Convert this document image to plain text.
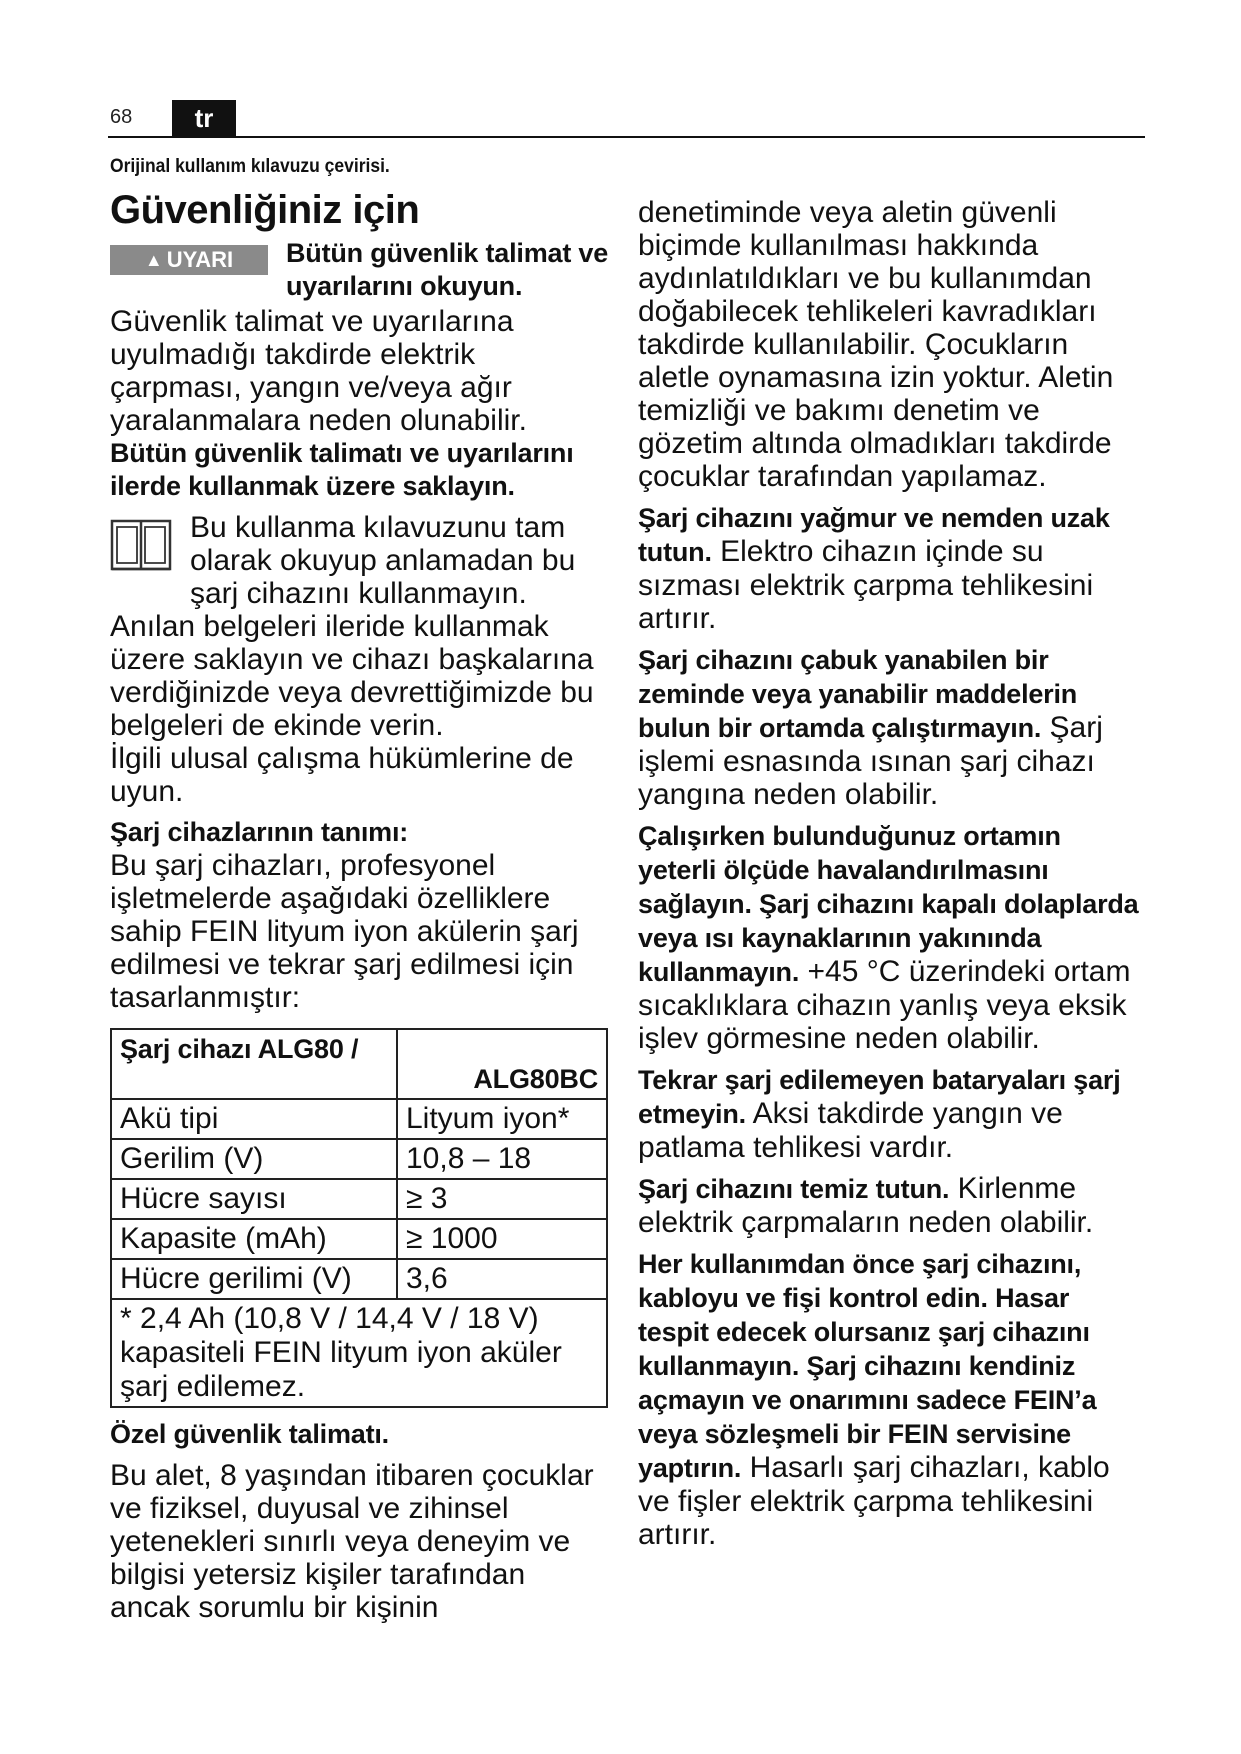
68	tr
Orijinal kullanım kılavuzu çevirisi.
Güvenliğiniz için
▲ UYARI Bütün güvenlik talimat ve uyarılarını okuyun.

Güvenlik talimat ve uyarılarına uyulmadığı takdirde elektrik çarpması, yangın ve/veya ağır yaralanmalara neden olunabilir.

Bütün güvenlik talimatı ve uyarılarını ilerde kullanmak üzere saklayın.

Bu kullanma kılavuzunu tam olarak okuyup anlamadan bu şarj cihazını kullanmayın.

Anılan belgeleri ileride kullanmak üzere saklayın ve cihazı başkalarına verdiğinizde veya devrettiğimizde bu belgeleri de ekinde verin.

İlgili ulusal çalışma hükümlerine de uyun.

Şarj cihazlarının tanımı:

Bu şarj cihazları, profesyonel işletmelerde aşağıdaki özelliklere sahip FEIN lityum iyon akülerin şarj edilmesi ve tekrar şarj edilmesi için tasarlanmıştır:

Şarj cihazı ALG80 /	ALG80BC
Akü tipi	Lityum iyon*
Gerilim (V)	10,8 – 18
Hücre sayısı	≥ 3
Kapasite (mAh)	≥ 1000
Hücre gerilimi (V)	3,6
* 2,4 Ah (10,8 V / 14,4 V / 18 V) kapasiteli FEIN lityum iyon aküler şarj edilemez.	

Özel güvenlik talimatı.

Bu alet, 8 yaşından itibaren çocuklar ve fiziksel, duyusal ve zihinsel yetenekleri sınırlı veya deneyim ve bilgisi yetersiz kişiler tarafından ancak sorumlu bir kişinin

denetiminde veya aletin güvenli biçimde kullanılması hakkında aydınlatıldıkları ve bu kullanımdan doğabilecek tehlikeleri kavradıkları takdirde kullanılabilir. Çocukların aletle oynamasına izin yoktur. Aletin temizliği ve bakımı denetim ve gözetim altında olmadıkları takdirde çocuklar tarafından yapılamaz.

Şarj cihazını yağmur ve nemden uzak tutun. Elektro cihazın içinde su sızması elektrik çarpma tehlikesini artırır.

Şarj cihazını çabuk yanabilen bir zeminde veya yanabilir maddelerin bulun bir ortamda çalıştırmayın. Şarj işlemi esnasında ısınan şarj cihazı yangına neden olabilir.

Çalışırken bulunduğunuz ortamın yeterli ölçüde havalandırılmasını sağlayın. Şarj cihazını kapalı dolaplarda veya ısı kaynaklarının yakınında kullanmayın. +45 °C üzerindeki ortam sıcaklıklara cihazın yanlış veya eksik işlev görmesine neden olabilir.

Tekrar şarj edilemeyen bataryaları şarj etmeyin. Aksi takdirde yangın ve patlama tehlikesi vardır.

Şarj cihazını temiz tutun. Kirlenme elektrik çarpmaların neden olabilir.

Her kullanımdan önce şarj cihazını, kabloyu ve fişi kontrol edin. Hasar tespit edecek olursanız şarj cihazını kullanmayın. Şarj cihazını kendiniz açmayın ve onarımını sadece FEIN’a veya sözleşmeli bir FEIN servisine yaptırın. Hasarlı şarj cihazları, kablo ve fişler elektrik çarpma tehlikesini artırır.
